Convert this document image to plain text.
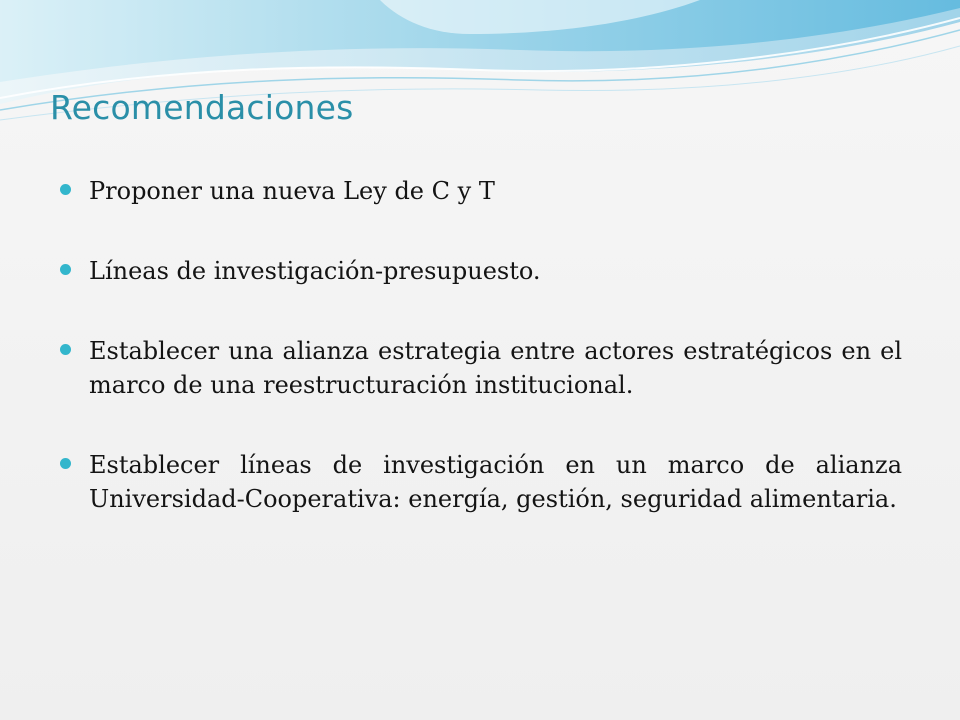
Recomendaciones
Proponer una nueva Ley de C y T
Líneas de investigación-presupuesto.
Establecer una alianza estrategia entre actores estratégicos en el marco de una reestructuración institucional.
Establecer líneas de investigación en un marco de alianza Universidad-Cooperativa: energía, gestión, seguridad alimentaria.
